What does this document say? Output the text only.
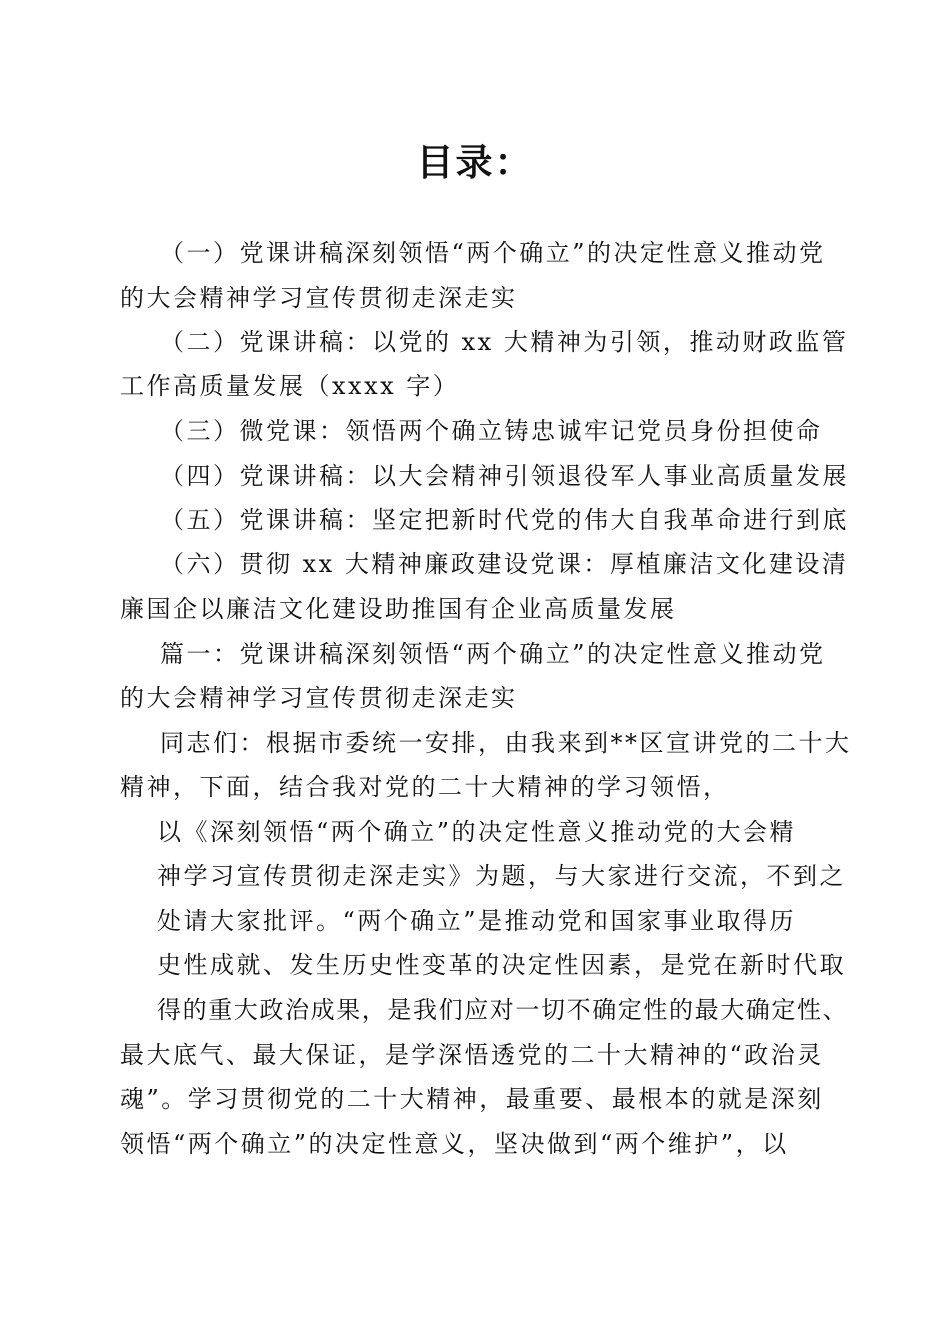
目录：
（一）党课讲稿深刻领悟“两个确立”的决定性意义推动党
的大会精神学习宣传贯彻走深走实
（二）党课讲稿：以党的 xx 大精神为引领，推动财政监管
工作高质量发展（xxxx 字）
（三）微党课：领悟两个确立铸忠诚牢记党员身份担使命
（四）党课讲稿：以大会精神引领退役军人事业高质量发展
（五）党课讲稿：坚定把新时代党的伟大自我革命进行到底
（六）贯彻 xx 大精神廉政建设党课：厚植廉洁文化建设清
廉国企以廉洁文化建设助推国有企业高质量发展
篇一：党课讲稿深刻领悟“两个确立”的决定性意义推动党
的大会精神学习宣传贯彻走深走实
同志们：根据市委统一安排，由我来到**区宣讲党的二十大
精神，下面，结合我对党的二十大精神的学习领悟，
以《深刻领悟“两个确立”的决定性意义推动党的大会精
神学习宣传贯彻走深走实》为题，与大家进行交流，不到之
处请大家批评。“两个确立”是推动党和国家事业取得历
史性成就、发生历史性变革的决定性因素，是党在新时代取
得的重大政治成果，是我们应对一切不确定性的最大确定性、
最大底气、最大保证，是学深悟透党的二十大精神的“政治灵
魂”。学习贯彻党的二十大精神，最重要、最根本的就是深刻
领悟“两个确立”的决定性意义，坚决做到“两个维护”，以
